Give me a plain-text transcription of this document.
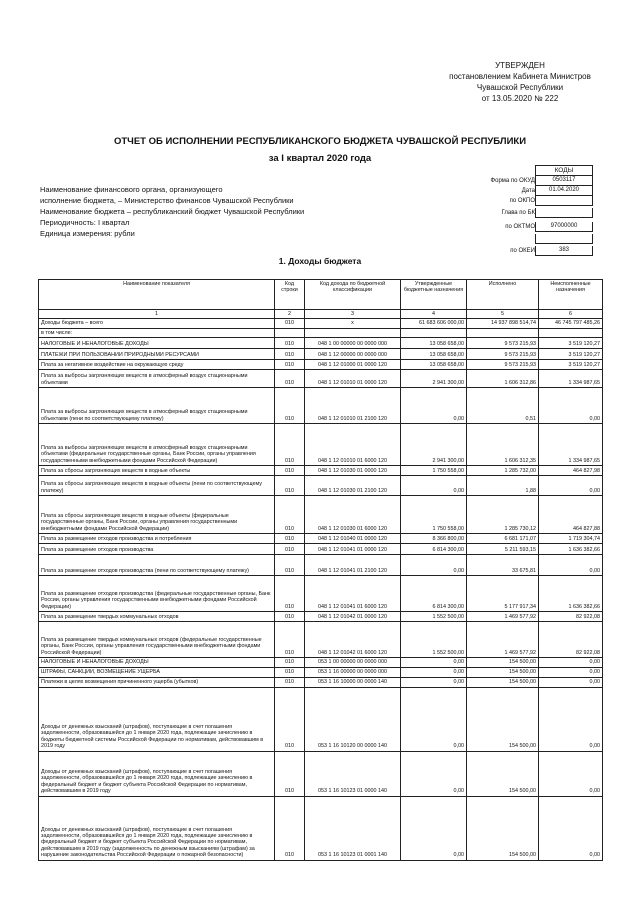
УТВЕРЖДЕН
постановлением Кабинета Министров
Чувашской Республики
от 13.05.2020 № 222
ОТЧЕТ ОБ ИСПОЛНЕНИИ РЕСПУБЛИКАНСКОГО БЮДЖЕТА ЧУВАШСКОЙ РЕСПУБЛИКИ
за I квартал 2020 года
КОДЫ
Форма по ОКУД	0503117
Дата	01.04.2020
по ОКПО
Глава по БК
по ОКТМО	97000000
по ОКЕИ	383
Наименование финансового органа, организующего
исполнение бюджета, – Министерство финансов Чувашской Республики
Наименование бюджета – республиканский бюджет Чувашской Республики
Периодичность: I квартал
Единица измерения: рубли
1. Доходы бюджета
Наименование показателя	Код строки	Код дохода по бюджетной классификации	Утвержденные бюджетные назначения	Исполнено	Неисполненные назначения
1	2	3	4	5	6
Доходы бюджета – всего	010	x	61 683 606 000,00	14 937 898 514,74	46 745 797 485,26
в том числе:					
НАЛОГОВЫЕ И НЕНАЛОГОВЫЕ ДОХОДЫ	010	048 1 00 00000 00 0000 000	13 058 658,00	9 573 215,93	3 519 120,27
ПЛАТЕЖИ ПРИ ПОЛЬЗОВАНИИ ПРИРОДНЫМИ РЕСУРСАМИ	010	048 1 12 00000 00 0000 000	13 058 658,00	9 573 215,93	3 519 120,27
Плата за негативное воздействие на окружающую среду	010	048 1 12 01000 01 0000 120	13 058 658,00	9 573 215,93	3 519 120,27
Плата за выбросы загрязняющих веществ в атмосферный воздух стационарными объектами	010	048 1 12 01010 01 0000 120	2 941 300,00	1 606 312,86	1 334 987,65
Плата за выбросы загрязняющих веществ в атмосферный воздух стационарными объектами (пени по соответствующему платежу)	010	048 1 12 01010 01 2100 120	0,00	0,51	0,00
Плата за выбросы загрязняющих веществ в атмосферный воздух стационарными объектами (федеральные государственные органы, Банк России, органы управления государственными внебюджетными фондами Российской Федерации)	010	048 1 12 01010 01 6000 120	2 941 300,00	1 606 312,35	1 334 987,65
Плата за сбросы загрязняющих веществ в водные объекты	010	048 1 12 01030 01 0000 120	1 750 558,00	1 285 732,00	464 827,98
Плата за сбросы загрязняющих веществ в водные объекты (пени по соответствующему платежу)	010	048 1 12 01030 01 2100 120	0,00	1,88	0,00
Плата за сбросы загрязняющих веществ в водные объекты (федеральные государственные органы, Банк России, органы управления государственными внебюджетными фондами Российской Федерации)	010	048 1 12 01030 01 6000 120	1 750 558,00	1 285 730,12	464 827,88
Плата за размещение отходов производства и потребления	010	048 1 12 01040 01 0000 120	8 366 800,00	6 681 171,07	1 719 304,74
Плата за размещение отходов производства	010	048 1 12 01041 01 0000 120	6 814 300,00	5 211 593,15	1 636 382,66
Плата за размещение отходов производства (пени по соответствующему платежу)	010	048 1 12 01041 01 2100 120	0,00	33 675,81	0,00
Плата за размещение отходов производства (федеральные государственные органы, Банк России, органы управления государственными внебюджетными фондами Российской Федерации)	010	048 1 12 01041 01 6000 120	6 814 300,00	5 177 917,34	1 636 382,66
Плата за размещение твердых коммунальных отходов	010	048 1 12 01042 01 0000 120	1 552 500,00	1 469 577,92	82 922,08
Плата за размещение твердых коммунальных отходов (федеральные государственные органы, Банк России, органы управления государственными внебюджетными фондами Российской Федерации)	010	048 1 12 01042 01 6000 120	1 552 500,00	1 469 577,92	82 922,08
НАЛОГОВЫЕ И НЕНАЛОГОВЫЕ ДОХОДЫ	010	053 1 00 00000 00 0000 000	0,00	154 500,00	0,00
ШТРАФЫ, САНКЦИИ, ВОЗМЕЩЕНИЕ УЩЕРБА	010	053 1 16 00000 00 0000 000	0,00	154 500,00	0,00
Платежи в целях возмещения причиненного ущерба (убытков)	010	053 1 16 10000 00 0000 140	0,00	154 500,00	0,00
Доходы от денежных взысканий (штрафов), поступающие в счет погашения задолженности, образовавшейся до 1 января 2020 года, подлежащие зачислению в бюджеты бюджетной системы Российской Федерации по нормативам, действовавшим в 2019 году	010	053 1 16 10120 00 0000 140	0,00	154 500,00	0,00
Доходы от денежных взысканий (штрафов), поступающие в счет погашения задолженности, образовавшейся до 1 января 2020 года, подлежащие зачислению в федеральный бюджет и бюджет субъекта Российской Федерации по нормативам, действовавшим в 2019 году	010	053 1 16 10123 01 0000 140	0,00	154 500,00	0,00
Доходы от денежных взысканий (штрафов), поступающие в счет погашения задолженности, образовавшейся до 1 января 2020 года, подлежащие зачислению в федеральный бюджет и бюджет субъекта Российской Федерации по нормативам, действовавшим в 2019 году (задолженность по денежным взысканиям (штрафам) за нарушение законодательства Российской Федерации о пожарной безопасности)	010	053 1 16 10123 01 0001 140	0,00	154 500,00	0,00
